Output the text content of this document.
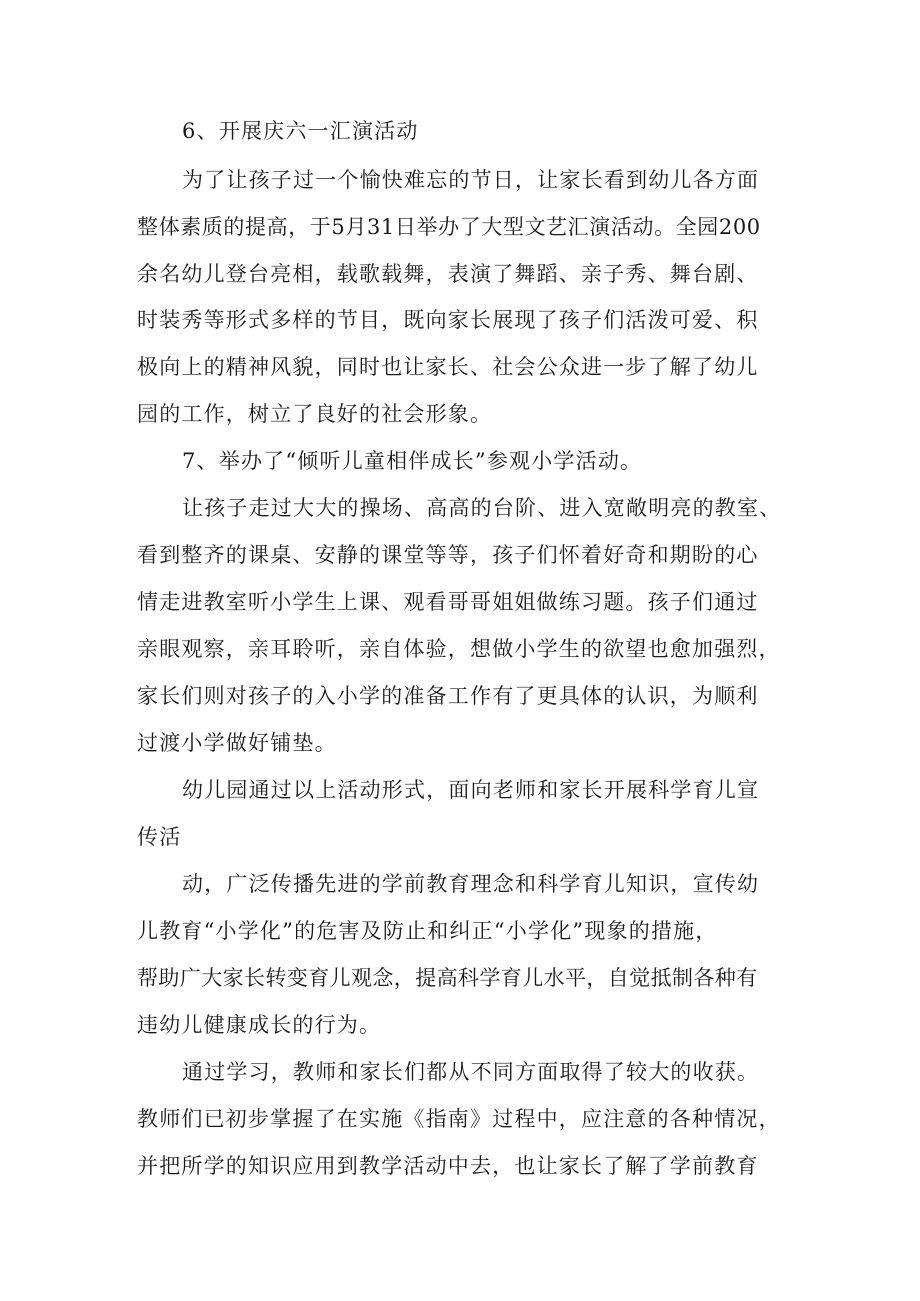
6、开展庆六一汇演活动
为了让孩子过一个愉快难忘的节日，让家长看到幼儿各方面
整体素质的提高，于5月31日举办了大型文艺汇演活动。全园200
余名幼儿登台亮相，载歌载舞，表演了舞蹈、亲子秀、舞台剧、
时装秀等形式多样的节目，既向家长展现了孩子们活泼可爱、积
极向上的精神风貌，同时也让家长、社会公众进一步了解了幼儿
园的工作，树立了良好的社会形象。
7、举办了“倾听儿童相伴成长”参观小学活动。
让孩子走过大大的操场、高高的台阶、进入宽敞明亮的教室、
看到整齐的课桌、安静的课堂等等，孩子们怀着好奇和期盼的心
情走进教室听小学生上课、观看哥哥姐姐做练习题。孩子们通过
亲眼观察，亲耳聆听，亲自体验，想做小学生的欲望也愈加强烈，
家长们则对孩子的入小学的准备工作有了更具体的认识，为顺利
过渡小学做好铺垫。
幼儿园通过以上活动形式，面向老师和家长开展科学育儿宣
传活
动，广泛传播先进的学前教育理念和科学育儿知识，宣传幼
儿教育“小学化”的危害及防止和纠正“小学化”现象的措施，
帮助广大家长转变育儿观念，提高科学育儿水平，自觉抵制各种有
违幼儿健康成长的行为。
通过学习，教师和家长们都从不同方面取得了较大的收获。
教师们已初步掌握了在实施《指南》过程中，应注意的各种情况，
并把所学的知识应用到教学活动中去，也让家长了解了学前教育
